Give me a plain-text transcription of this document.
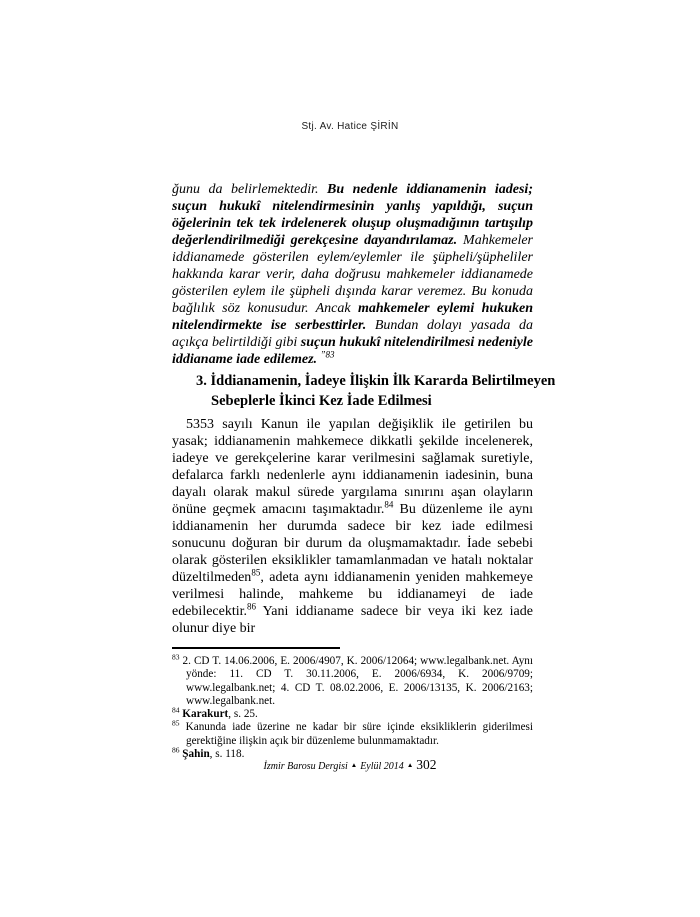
Stj. Av. Hatice ŞİRİN

ğunu da belirlemektedir. Bu nedenle iddianamenin iadesi; suçun hukukî nitelendirmesinin yanlış yapıldığı, suçun öğelerinin tek tek irdelenerek oluşup oluşmadığının tartışılıp değerlendirilmediği gerekçesine dayandırılamaz. Mahkemeler iddianamede gösterilen eylem/eylemler ile şüpheli/şüpheliler hakkında karar verir, daha doğrusu mahkemeler iddianamede gösterilen eylem ile şüpheli dışında karar veremez. Bu konuda bağlılık söz konusudur. Ancak mahkemeler eylemi hukuken nitelendirmekte ise serbesttirler. Bundan dolayı yasada da açıkça belirtildiği gibi suçun hukukî nitelendirilmesi nedeniyle iddianame iade edilemez. $^{”83}$

3. İddianamenin, İadeye İlişkin İlk Kararda Belirtilmeyen
Sebeplerle İkinci Kez İade Edilmesi

5353 sayılı Kanun ile yapılan değişiklik ile getirilen bu yasak; iddianamenin mahkemece dikkatli şekilde incelenerek, iadeye ve gerekçelerine karar verilmesini sağlamak suretiyle, defalarca farklı nedenlerle aynı iddianamenin iadesinin, buna dayalı olarak makul sürede yargılama sınırını aşan olayların önüne geçmek amacını taşımaktadır.$^{84}$ Bu düzenleme ile aynı iddianamenin her durumda sadece bir kez iade edilmesi sonucunu doğuran bir durum da oluşmamaktadır. İade sebebi olarak gösterilen eksiklikler tamamlanmadan ve hatalı noktalar düzeltilmeden$^{85}$, adeta aynı iddianamenin yeniden mahkemeye verilmesi halinde, mahkeme bu iddianameyi de iade edebilecektir.$^{86}$ Yani iddianame sadece bir veya iki kez iade olunur diye bir

$^{83}$ 2. CD T. 14.06.2006, E. 2006/4907, K. 2006/12064; www.legalbank.net. Aynı yönde: 11. CD T. 30.11.2006, E. 2006/6934, K. 2006/9709; www.legalbank.net; 4. CD T. 08.02.2006, E. 2006/13135, K. 2006/2163; www.legalbank.net.
$^{84}$ Karakurt, s. 25.
$^{85}$ Kanunda iade üzerine ne kadar bir süre içinde eksikliklerin giderilmesi gerektiğine ilişkin açık bir düzenleme bulunmamaktadır.
$^{86}$ Şahin, s. 118.
İzmir Barosu Dergisi ▲ Eylül 2014 ▲ 302
